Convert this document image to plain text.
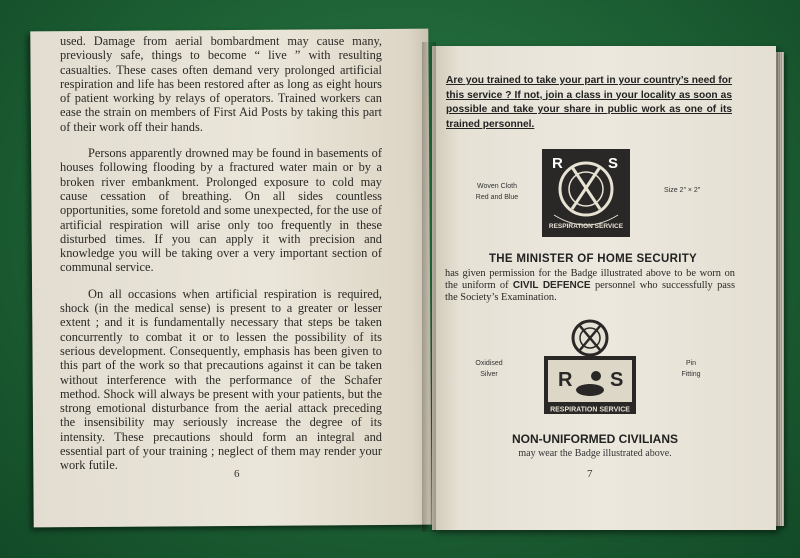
used. Damage from aerial bombardment may cause many, previously safe, things to become “ live ” with resulting casualties. These cases often demand very prolonged artificial respiration and life has been restored after as long as eight hours of patient working by relays of operators. Trained workers can ease the strain on members of First Aid Posts by taking this part of their work off their hands.

Persons apparently drowned may be found in basements of houses following flooding by a fractured water main or by a broken river embankment. Prolonged exposure to cold may cause cessation of breathing. On all sides countless opportunities, some foretold and some unexpected, for the use of artificial respiration will arise only too frequently in these disturbed times. If you can apply it with precision and knowledge you will be taking over a very important section of communal service.

On all occasions when artificial respiration is required, shock (in the medical sense) is present to a greater or lesser extent ; and it is fundamentally necessary that steps be taken concurrently to combat it or to lessen the possibility of its serious development. Consequently, emphasis has been given to this part of the work so that precautions against it can be taken without interference with the performance of the Schafer method. Shock will always be present with your patients, but the strong emotional disturbance from the aerial attack preceding the insensibility may seriously increase the degree of its intensity. These precautions should form an integral and essential part of your training ; neglect of them may render your work futile.

6
Are you trained to take your part in your country’s need for this service ? If not, join a class in your locality as soon as possible and take your share in public work as one of its trained personnel.
RESPIRATION SERVICE
R	S
Woven Cloth
Red and Blue
Size 2″ × 2″
THE MINISTER OF HOME SECURITY
has given permission for the Badge illustrated above to be worn on the uniform of CIVIL DEFENCE personnel who successfully pass the Society’s Examination.
R S
RESPIRATION SERVICE
Oxidised
Silver
Pin
Fitting
NON-UNIFORMED CIVILIANS
may wear the Badge illustrated above.
7
